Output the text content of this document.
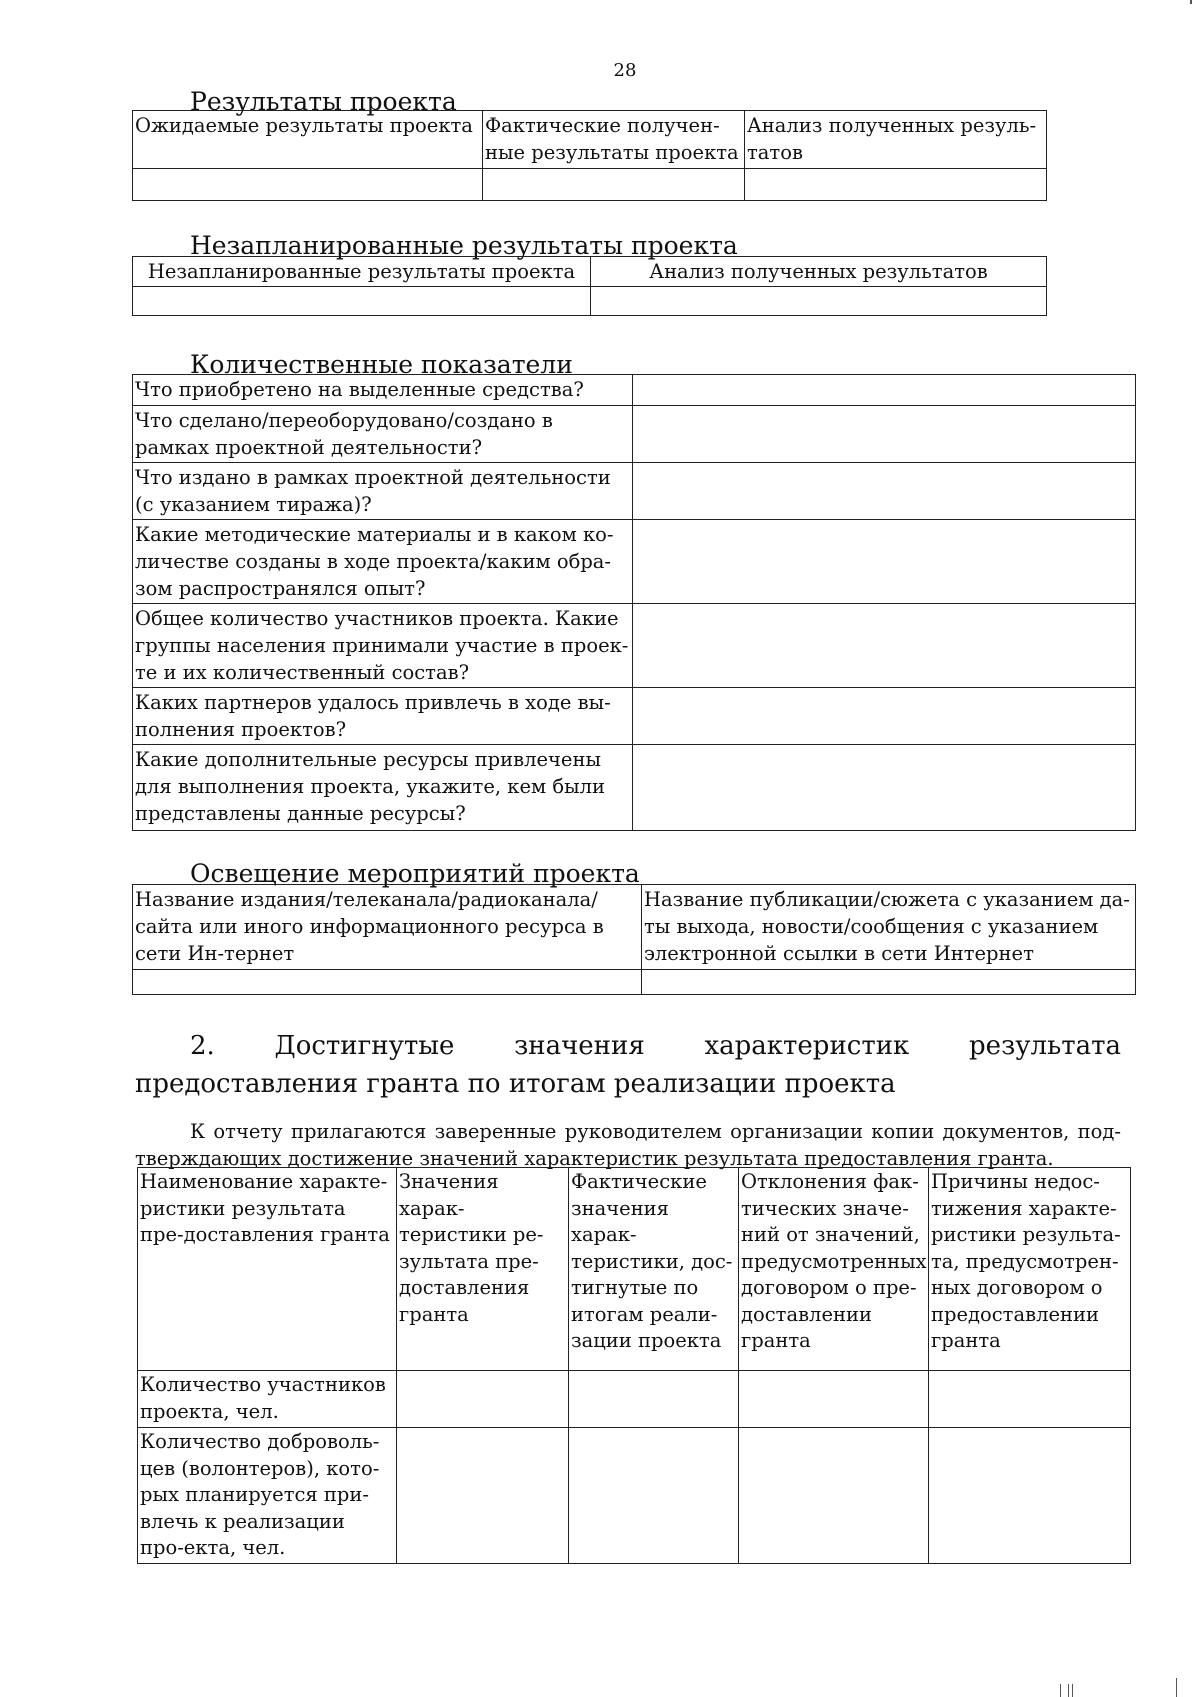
28
Результаты проекта
Ожидаемые результаты проекта	Фактические получен-ные результаты проекта	Анализ полученных резуль-татов

Незапланированные результаты проекта
Незапланированные результаты проекта	Анализ полученных результатов

Количественные показатели
Что приобретено на выделенные средства?	
Что сделано/переоборудовано/создано в рамках проектной деятельности?	
Что издано в рамках проектной деятельности (с указанием тиража)?	
Какие методические материалы и в каком ко-личестве созданы в ходе проекта/каким обра-зом распространялся опыт?	
Общее количество участников проекта. Какие группы населения принимали участие в проек-те и их количественный состав?	
Каких партнеров удалось привлечь в ходе вы-полнения проектов?	
Какие дополнительные ресурсы привлечены для выполнения проекта, укажите, кем были представлены данные ресурсы?	
Освещение мероприятий проекта
Название издания/телеканала/радиоканала/сайта или иного информационного ресурса в сети Ин-тернет	Название публикации/сюжета с указанием да-ты выхода, новости/сообщения с указанием электронной ссылки в сети Интернет

2. Достигнутые значения характеристик результата предоставления гранта по итогам реализации проекта
К отчету прилагаются заверенные руководителем организации копии документов, под-тверждающих достижение значений характеристик результата предоставления гранта.
Наименование характе-ристики результата пре-доставления гранта	Значения харак-теристики ре-зультата пре-доставления гранта	Фактические значения харак-теристики, дос-тигнутые по итогам реали-зации проекта	Отклонения фак-тических значе-ний от значений, предусмотренных договором о пре-доставлении гранта	Причины недос-тижения характе-ристики результа-та, предусмотрен-ных договором о предоставлении гранта
Количество участников проекта, чел.				
Количество доброволь-цев (волонтеров), кото-рых планируется при-влечь к реализации про-екта, чел.				
